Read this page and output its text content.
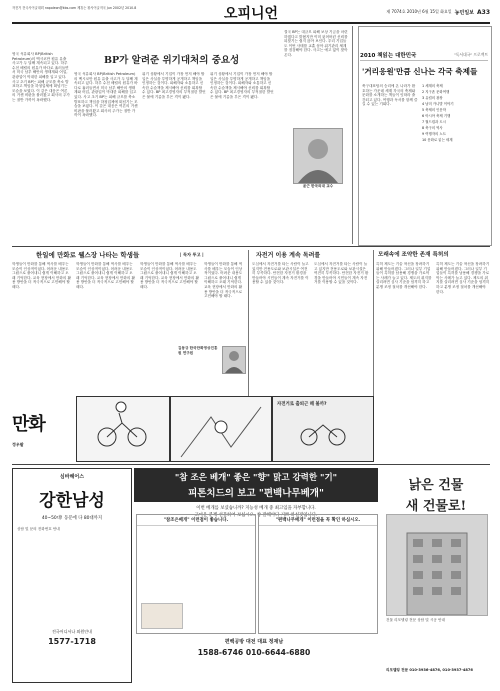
자전거 전국사이클대회 napoleon@kbs.com 제휴는 왕사이클저국 Jun 2002년 2010.8	오피니언	제 7074호 2010년 6월 15일 화요일 농민일보 A33
영국 석유회사 BP(British Petroleum)의 멕시코만 원유 유출 사고가 두 달째 계속되고 있다. 하루 수천 배럴의 원유가 바다로 흘러들면서 미국 남부 해안의 생태계와 어업, 관광업이 막대한 피해를 입고 있다. 사고 초기 BP는 피해 규모를 축소 발표하고 책임을 하청업체에 떠넘기는 모습을 보였다. 이 같은 대응은 여론의 거센 비판을 불러왔고 회사의 주가는 절반 가까이 폭락했다.
BP가 알려준 위기대처의 중요성
영국 석유회사 BP(British Petroleum)의 멕시코만 원유 유출 사고가 두 달째 계속되고 있다. 하루 수천 배럴의 원유가 바다로 흘러들면서 미국 남부 해안의 생태계와 어업, 관광업이 막대한 피해를 입고 있다. 사고 초기 BP는 피해 규모를 축소 발표하고 책임을 하청업체에 떠넘기는 모습을 보였다. 이 같은 대응은 여론의 거센 비판을 불러왔고 회사의 주가는 절반 가까이 폭락했다.
위기 상황에서 기업이 가장 먼저 해야 할 일은 사실을 투명하게 공개하고 책임을 인정하는 것이다. 피해자와 소통하고 신속한 수습책을 제시해야 신뢰를 회복할 수 있다. BP 최고경영자의 부적절한 발언은 불에 기름을 부은 격이 됐다.
위기 상황에서 기업이 가장 먼저 해야 할 일은 사실을 투명하게 공개하고 책임을 인정하는 것이다. 피해자와 소통하고 신속한 수습책을 제시해야 신뢰를 회복할 수 있다. BP 최고경영자의 부적절한 발언은 불에 기름을 부은 격이 됐다.
결국 BP는 대규모 피해 보상 기금을 마련하겠다고 밝혔지만 이미 잃어버린 신뢰를 되찾기는 쉽지 않아 보인다. 우리 기업들도 이번 사태를 교훈 삼아 위기관리 체계를 점검해야 한다. 사고는 예고 없이 찾아온다.	2010 책읽는 대한민국	"독서대국" 프로젝트
'거리응원'만큼 신나는 각국 축제들
축구대표팀의 승리에 온 나라가 환호하는 가운데 세계 각국의 축제와 문화를 소개하는 책들이 잇따라 출간되고 있다. 여행과 독서를 함께 즐길 수 있는 기회다.
1 세계의 축제
2 지구촌 문화여행
3 유럽의 광장
4 남미 카니발 이야기
5 축제의 인문학
6 아시아 축제 기행
7 월드컵과 도시
8 축구의 역사
9 여행자의 노트
10 문화로 읽는 세계
윤근 한국외대 교수
한일에 만화로 웰스장 나타는 학생들	| 독자 투고 |
학생들이 만화를 통해 역사를 배우는 모습이 인상적이었다. 어려운 내용도 그림으로 풀어내니 쉽게 이해하고 오래 기억한다. 교육 현장에서 만화의 활용 방안을 더 적극적으로 고민해야 할 때다.
학생들이 만화를 통해 역사를 배우는 모습이 인상적이었다. 어려운 내용도 그림으로 풀어내니 쉽게 이해하고 오래 기억한다. 교육 현장에서 만화의 활용 방안을 더 적극적으로 고민해야 할 때다.
학생들이 만화를 통해 역사를 배우는 모습이 인상적이었다. 어려운 내용도 그림으로 풀어내니 쉽게 이해하고 오래 기억한다. 교육 현장에서 만화의 활용 방안을 더 적극적으로 고민해야 할 때다.
학생들이 만화를 통해 역사를 배우는 모습이 인상적이었다. 어려운 내용도 그림으로 풀어내니 쉽게 이해하고 오래 기억한다. 교육 현장에서 만화의 활용 방안을 더 적극적으로 고민해야 할 때다.
김동규 한국만화영상진흥원 연구원
자전거 이용 계속 독려를
도심에서 자전거를 타는 사람이 늘고 있지만 전용도로와 보관시설은 여전히 부족하다. 안전한 자전거 환경을 만들어야 시민들이 계속 자전거를 이용할 수 있을 것이다.
도심에서 자전거를 타는 사람이 늘고 있지만 전용도로와 보관시설은 여전히 부족하다. 안전한 자전거 환경을 만들어야 시민들이 계속 자전거를 이용할 수 있을 것이다.
모래속에 조약한 존재 특허의
특허 제도는 기술 혁신을 장려하기 위해 만들어졌다. 그러나 일부 기업들이 특허를 남용해 경쟁을 가로막는 사례가 늘고 있다. 제도의 취지를 살리려면 심사 기준을 엄격히 하고 분쟁 조정 절차를 개선해야 한다.
특허 제도는 기술 혁신을 장려하기 위해 만들어졌다. 그러나 일부 기업들이 특허를 남용해 경쟁을 가로막는 사례가 늘고 있다. 제도의 취지를 살리려면 심사 기준을 엄격히 하고 분쟁 조정 절차를 개선해야 한다.
만화
정우팔
자전거로 출퇴근 해 볼까?
심바헤어스
강한남성
40~50대! 동문에 다 80대까지
상담 및 문의 전화번호 안내
전국어디서나 외원안내
1577-1718
"참 조은 베개" 좋은 "향" 맑고 강력한 "기"
피톤치드의 보고 "편백나무베개"
이번 베개를 보셨습니까? 지능성 베개 중 최고임을 자부합니다.
고마운 분께 선물하여 보십시오. 참 잘해야다 기쁘 하실것입니다.
"참조은베개" 이런점이 좋습니다.	"편백나무베개" 이런점을 꼭 확인 하십시오.
편백공방 대전 대표 정재남
1588-6746 010-6644-6880
낡은 건물
새 건물로!
건물 리모델링 전문 상담 및 시공 안내
리모델링 전문 010-3936-4876, 010-3937-4876
